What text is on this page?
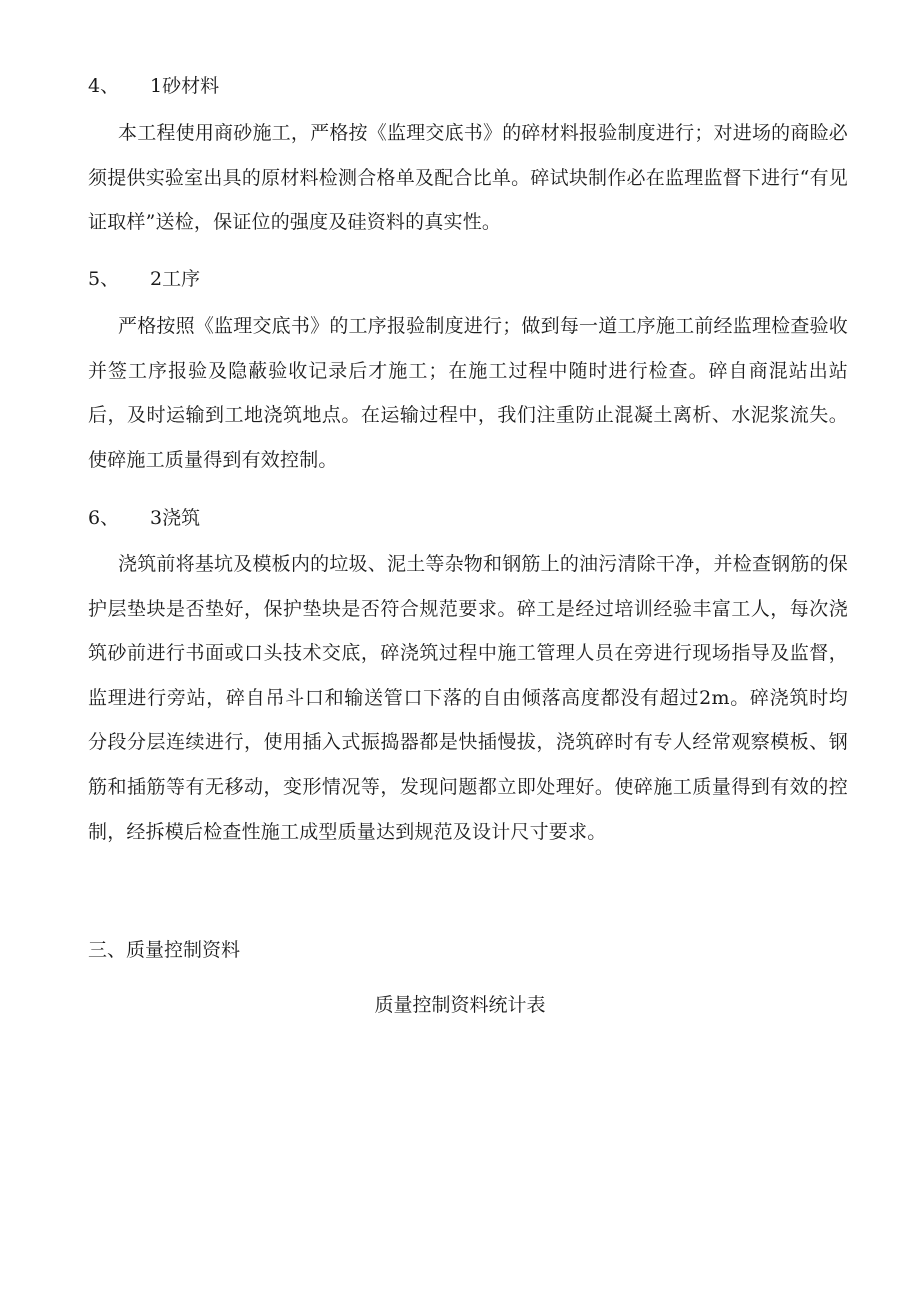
4、 1砂材料
本工程使用商砂施工，严格按《监理交底书》的碎材料报验制度进行；对进场的商睑必须提供实验室出具的原材料检测合格单及配合比单。碎试块制作必在监理监督下进行“有见证取样”送检，保证位的强度及硅资料的真实性。
5、 2工序
严格按照《监理交底书》的工序报验制度进行；做到每一道工序施工前经监理检查验收并签工序报验及隐蔽验收记录后才施工；在施工过程中随时进行检查。碎自商混站出站后，及时运输到工地浇筑地点。在运输过程中，我们注重防止混凝土离析、水泥浆流失。使碎施工质量得到有效控制。
6、 3浇筑
浇筑前将基坑及模板内的垃圾、泥土等杂物和钢筋上的油污清除干净，并检查钢筋的保护层垫块是否垫好，保护垫块是否符合规范要求。碎工是经过培训经验丰富工人，每次浇筑砂前进行书面或口头技术交底，碎浇筑过程中施工管理人员在旁进行现场指导及监督，监理进行旁站，碎自吊斗口和输送管口下落的自由倾落高度都没有超过2m。碎浇筑时均分段分层连续进行，使用插入式振捣器都是快插慢拔，浇筑碎时有专人经常观察模板、钢筋和插筋等有无移动，变形情况等，发现问题都立即处理好。使碎施工质量得到有效的控制，经拆模后检查性施工成型质量达到规范及设计尺寸要求。
三、质量控制资料
质量控制资料统计表
